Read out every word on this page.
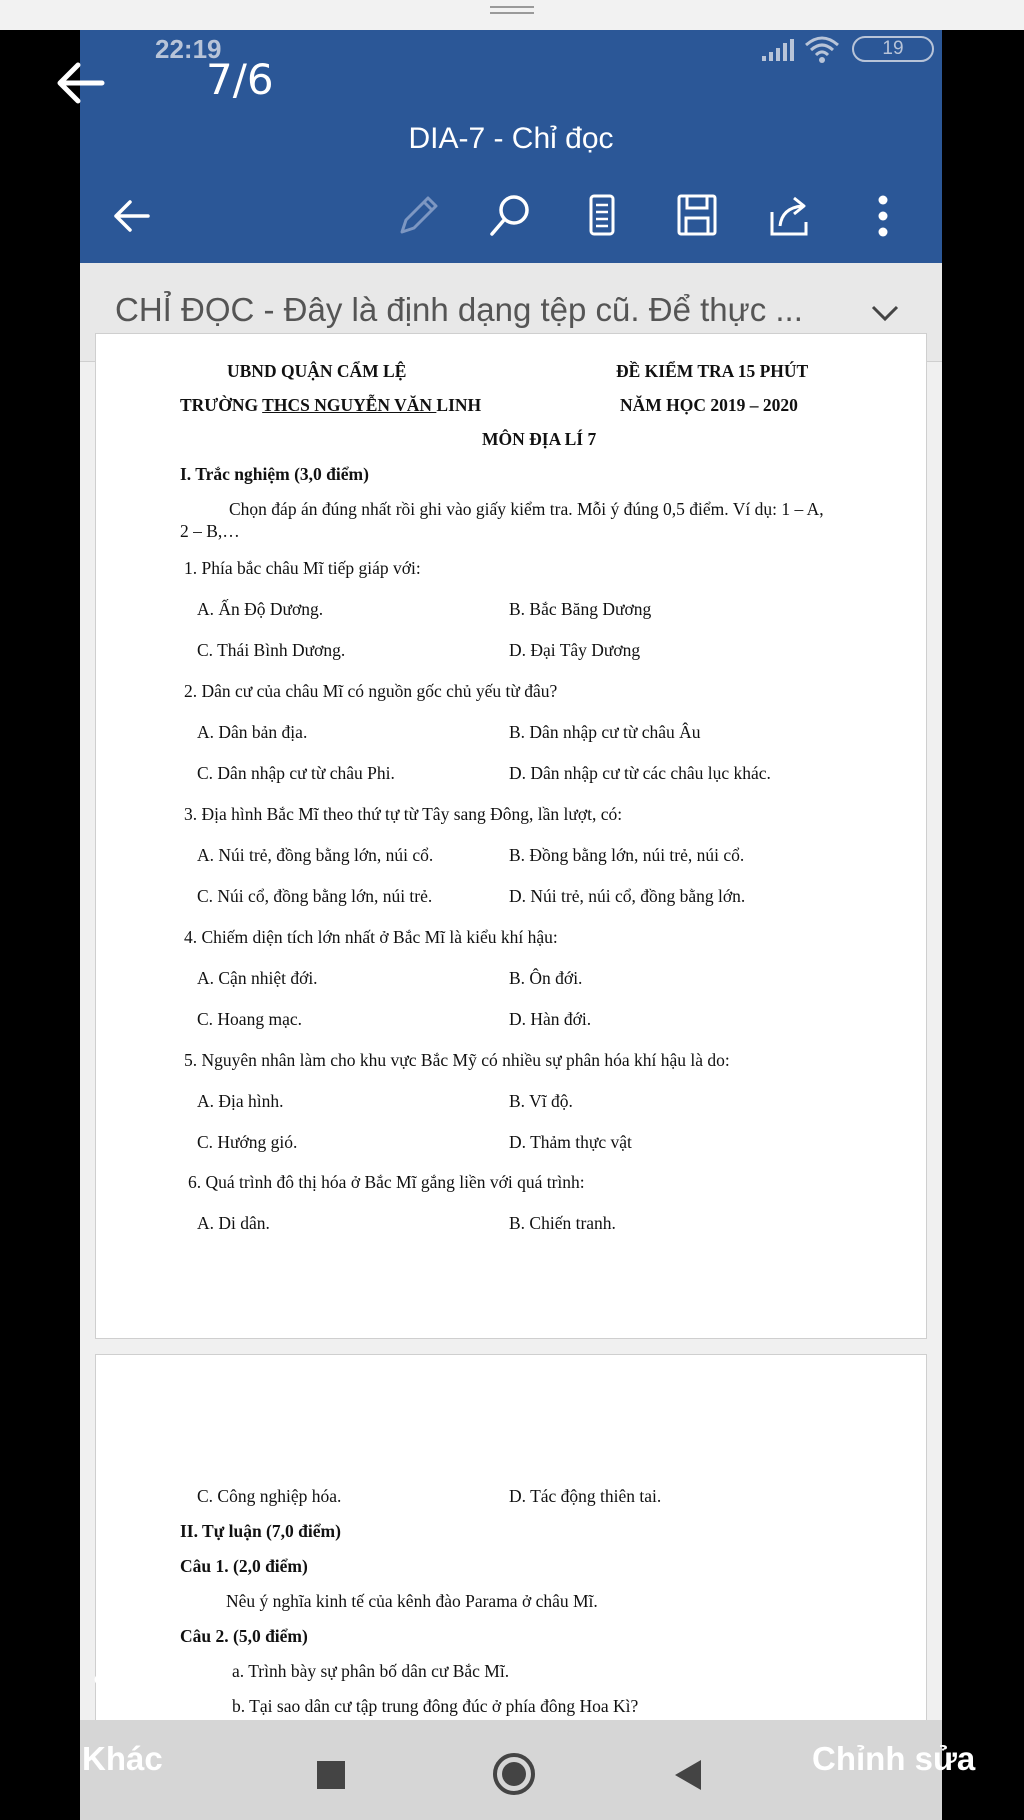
22:19	19
DIA-7 - Chỉ đọc
CHỈ ĐỌC - Đây là định dạng tệp cũ. Để thực ...
UBND QUẬN CẨM LỆ
TRƯỜNG THCS NGUYỄN VĂN LINH
ĐỀ KIỂM TRA 15 PHÚT
NĂM HỌC 2019 – 2020
MÔN ĐỊA LÍ 7
I. Trắc nghiệm (3,0 điểm)
Chọn đáp án đúng nhất rồi ghi vào giấy kiểm tra. Mỗi ý đúng 0,5 điểm. Ví dụ: 1 – A,
2 – B,…
1. Phía bắc châu Mĩ tiếp giáp với:
A. Ấn Độ Dương.	B. Bắc Băng Dương
C. Thái Bình Dương.	D. Đại Tây Dương
2. Dân cư của châu Mĩ có nguồn gốc chủ yếu từ đâu?
A. Dân bản địa.	B. Dân nhập cư từ châu Âu
C. Dân nhập cư từ châu Phi.	D. Dân nhập cư từ các châu lục khác.
3. Địa hình Bắc Mĩ theo thứ tự từ Tây sang Đông, lần lượt, có:
A. Núi trẻ, đồng bằng lớn, núi cổ.	B. Đồng bằng lớn, núi trẻ, núi cổ.
C. Núi cổ, đồng bằng lớn, núi trẻ.	D. Núi trẻ, núi cổ, đồng bằng lớn.
4. Chiếm diện tích lớn nhất ở Bắc Mĩ là kiểu khí hậu:
A. Cận nhiệt đới.	B. Ôn đới.
C. Hoang mạc.	D. Hàn đới.
5. Nguyên nhân làm cho khu vực Bắc Mỹ có nhiều sự phân hóa khí hậu là do:
A. Địa hình.	B. Vĩ độ.
C. Hướng gió.	D. Thảm thực vật
6. Quá trình đô thị hóa ở Bắc Mĩ gắng liền với quá trình:
A. Di dân.	B. Chiến tranh.
C. Công nghiệp hóa.	D. Tác động thiên tai.
II. Tự luận (7,0 điểm)
Câu 1. (2,0 điểm)
Nêu ý nghĩa kinh tế của kênh đào Parama ở châu Mĩ.
Câu 2. (5,0 điểm)
a. Trình bày sự phân bố dân cư Bắc Mĩ.
b. Tại sao dân cư tập trung đông đúc ở phía đông Hoa Kì?
7/6
•••
Khác	Chỉnh sửa
